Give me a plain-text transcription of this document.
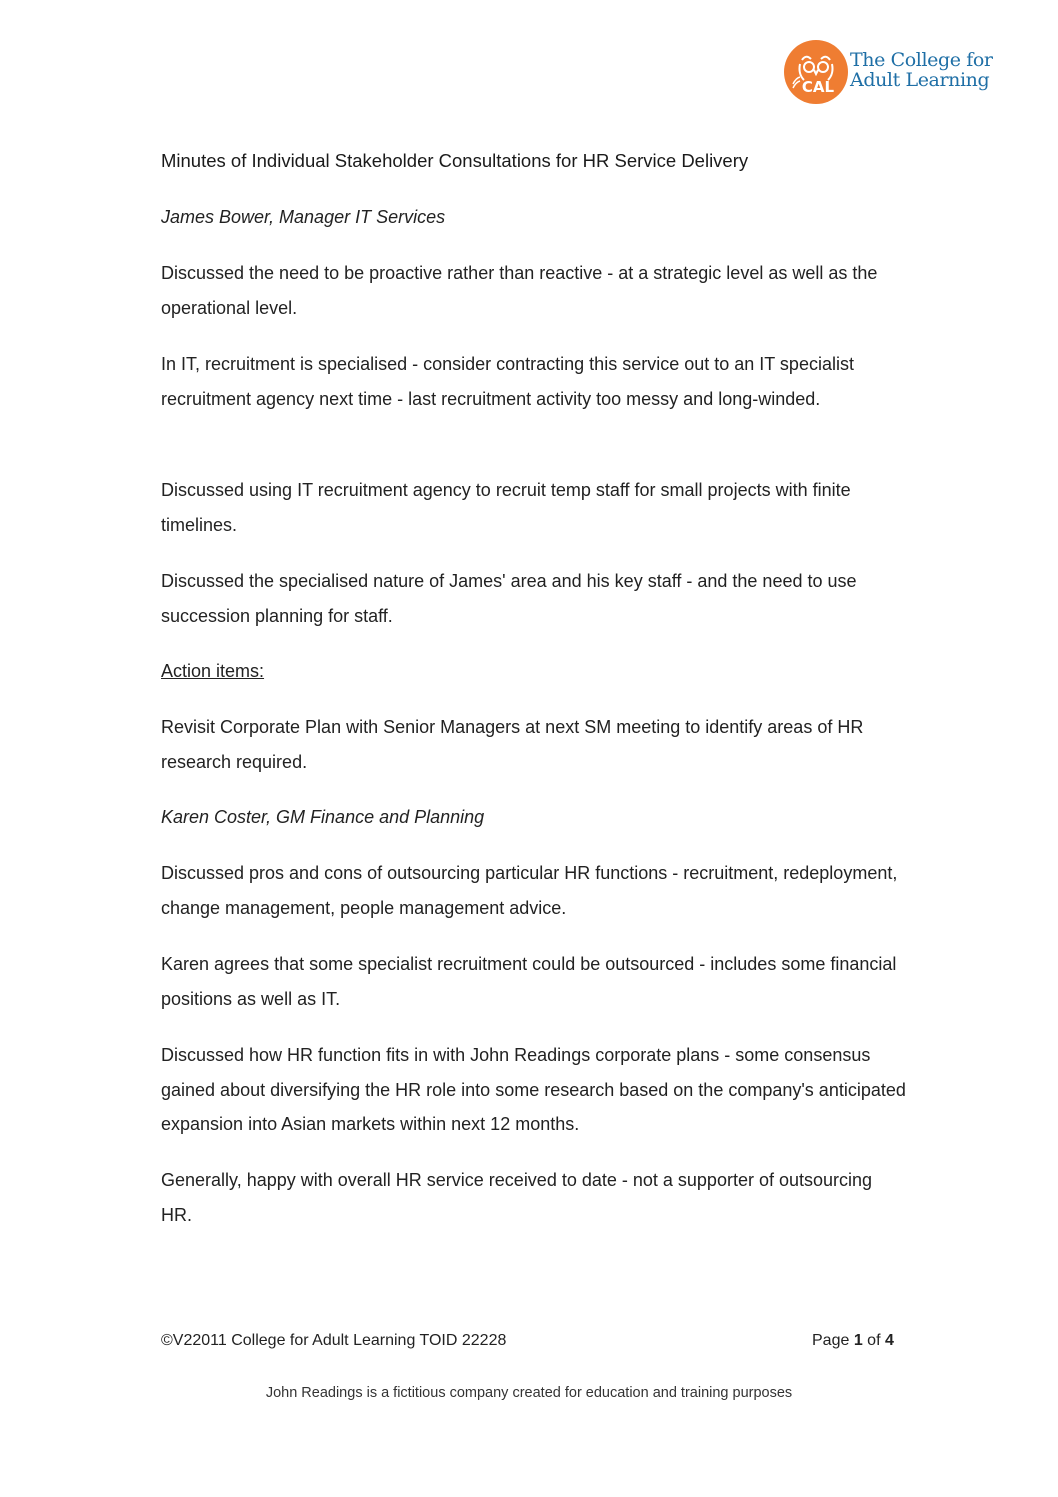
CAL
The College for
Adult Learning
Minutes of Individual Stakeholder Consultations for HR Service Delivery
James Bower, Manager IT Services
Discussed the need to be proactive rather than reactive - at a strategic level as well as the operational level.
In IT, recruitment is specialised - consider contracting this service out to an IT specialist recruitment agency next time - last recruitment activity too messy and long-winded.
Discussed using IT recruitment agency to recruit temp staff for small projects with finite timelines.
Discussed the specialised nature of James' area and his key staff - and the need to use succession planning for staff.
Action items:
Revisit Corporate Plan with Senior Managers at next SM meeting to identify areas of HR research required.
Karen Coster, GM Finance and Planning
Discussed pros and cons of outsourcing particular HR functions - recruitment, redeployment, change management, people management advice.
Karen agrees that some specialist recruitment could be outsourced - includes some financial positions as well as IT.
Discussed how HR function fits in with John Readings corporate plans - some consensus gained about diversifying the HR role into some research based on the company's anticipated expansion into Asian markets within next 12 months.
Generally, happy with overall HR service received to date - not a supporter of outsourcing HR.
©V22011 College for Adult Learning TOID 22228	Page 1 of 4
John Readings is a fictitious company created for education and training purposes
